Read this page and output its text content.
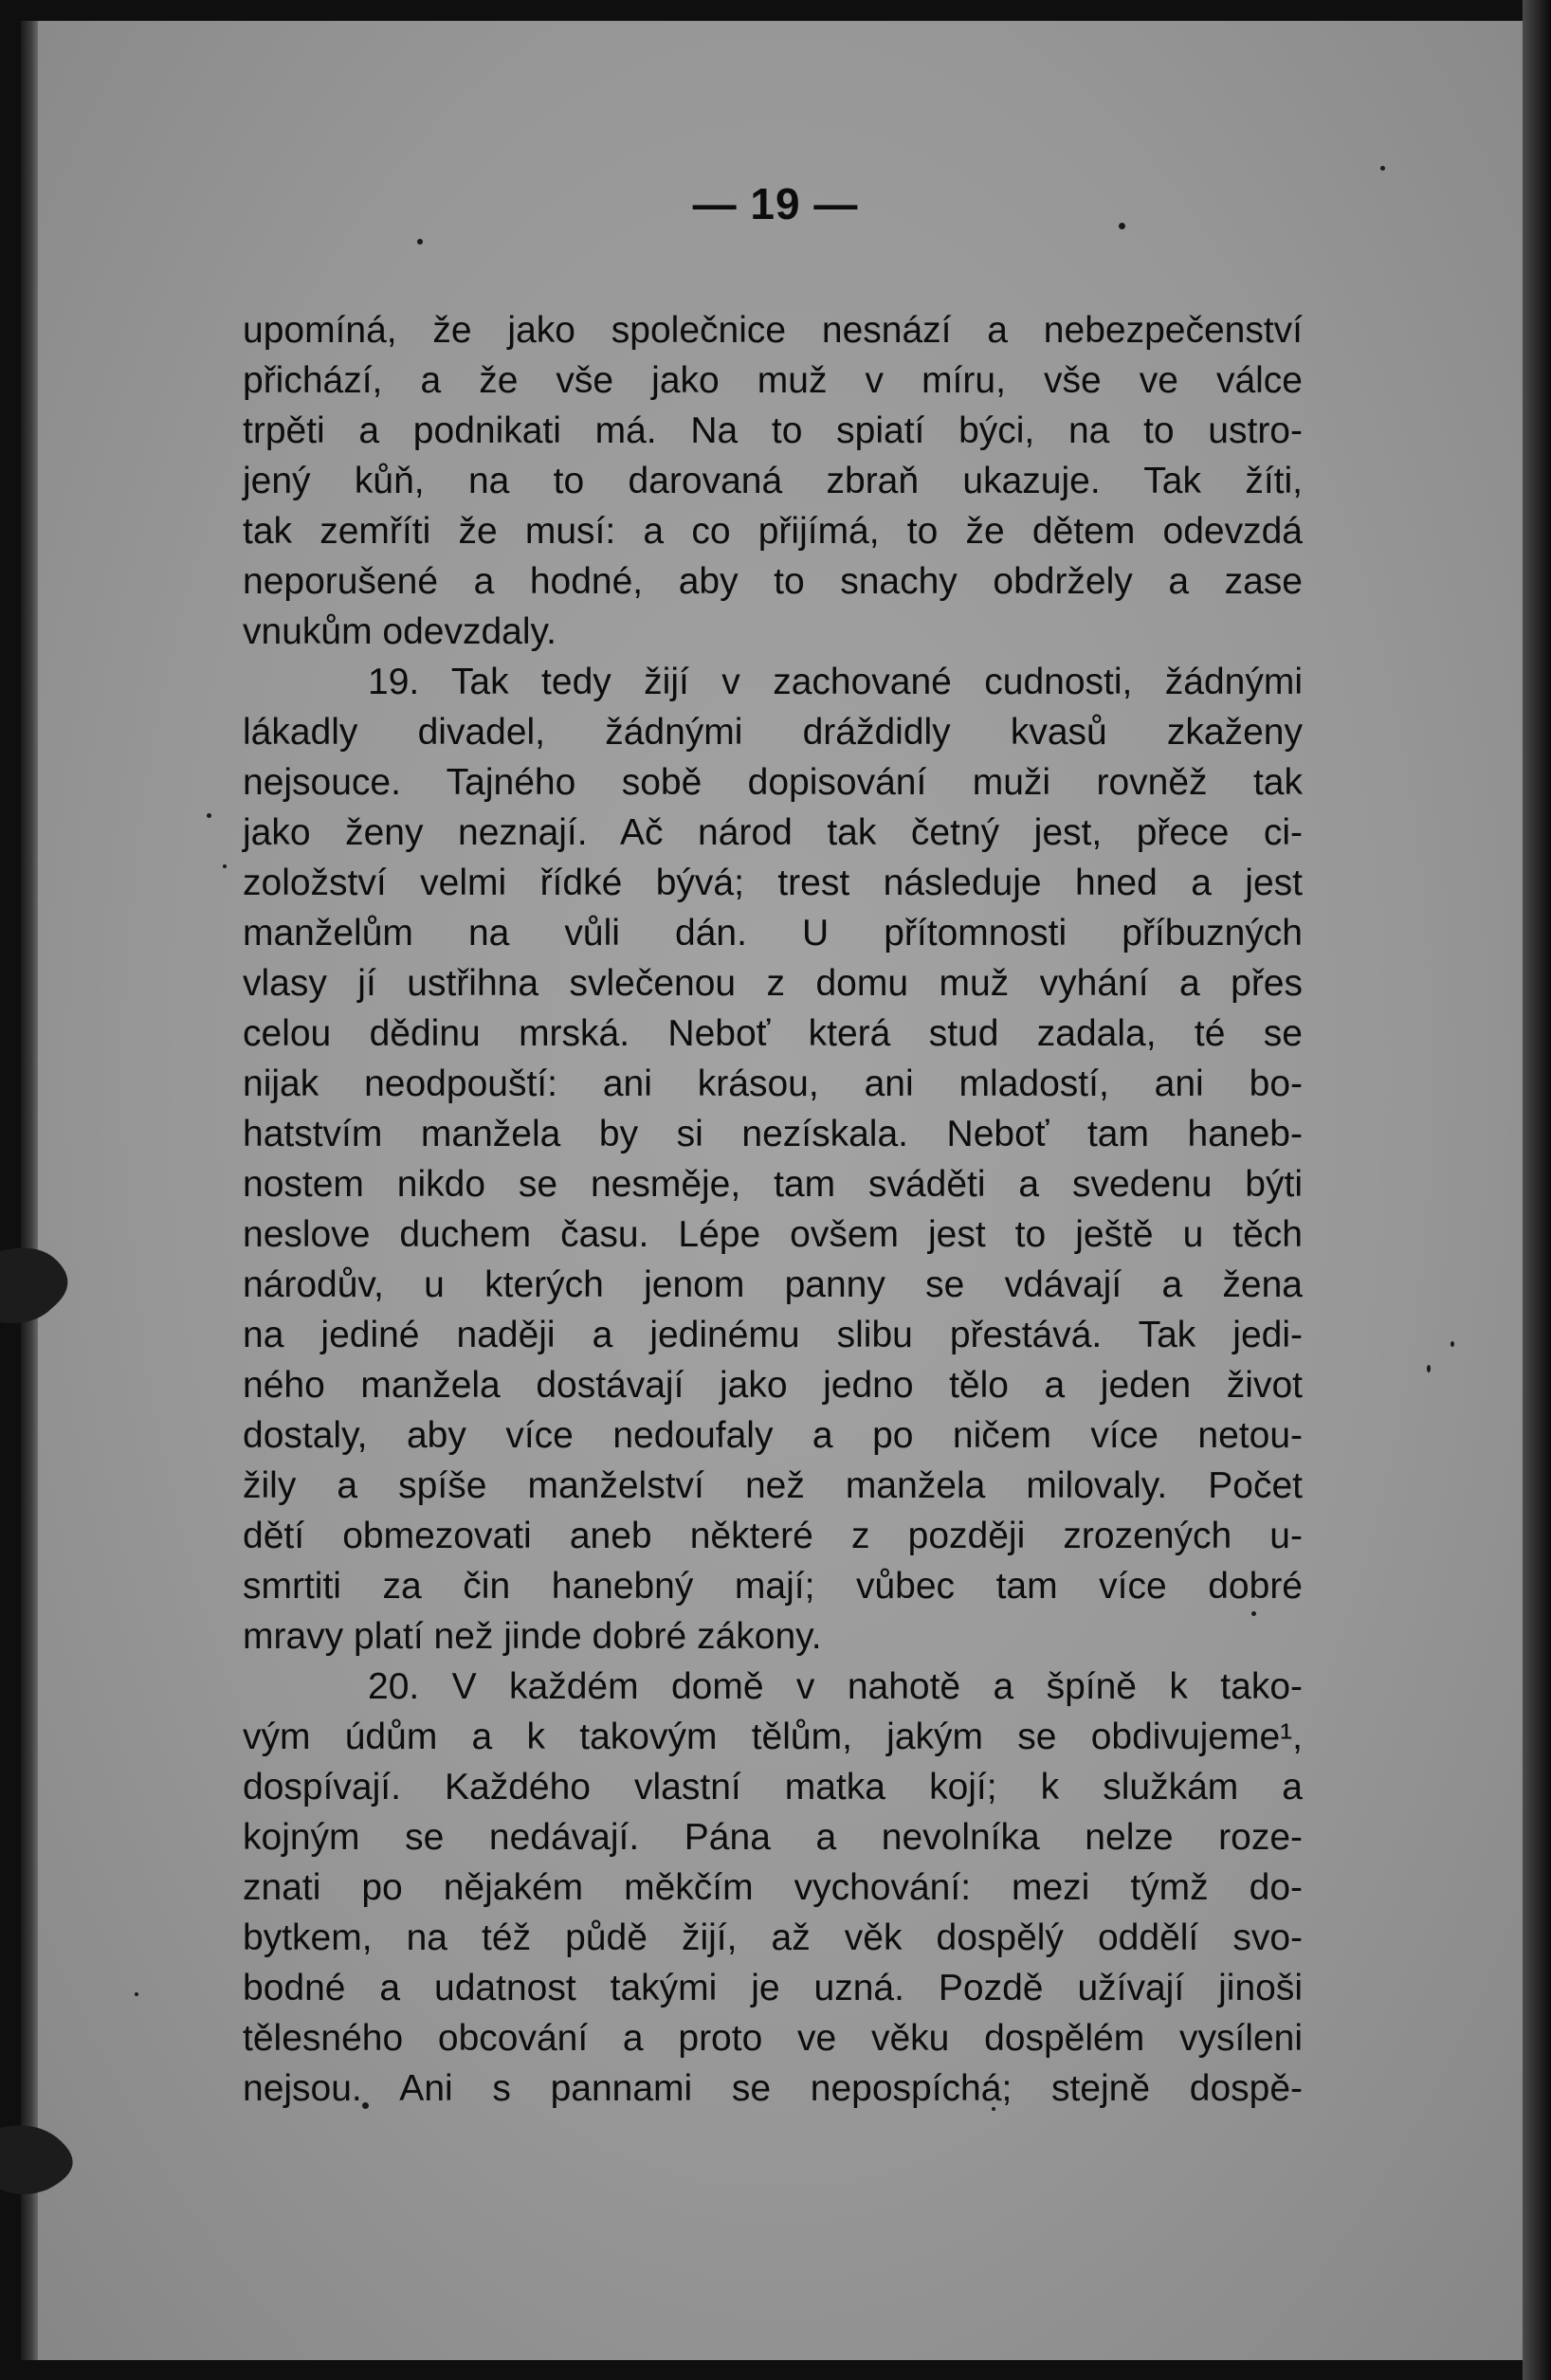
— 19 —
upomíná, že jako společnice nesnází a nebezpečenství
přichází, a že vše jako muž v míru, vše ve válce
trpěti a podnikati má. Na to spiatí býci, na to ustro-
jený kůň, na to darovaná zbraň ukazuje. Tak žíti,
tak zemříti že musí: a co přijímá, to že dětem odevzdá
neporušené a hodné, aby to snachy obdržely a zase
vnukům odevzdaly.
19. Tak tedy žijí v zachované cudnosti, žádnými
lákadly divadel, žádnými dráždidly kvasů zkaženy
nejsouce. Tajného sobě dopisování muži rovněž tak
jako ženy neznají. Ač národ tak četný jest, přece ci-
zoložství velmi řídké bývá; trest následuje hned a jest
manželům na vůli dán. U přítomnosti příbuzných
vlasy jí ustřihna svlečenou z domu muž vyhání a přes
celou dědinu mrská. Neboť která stud zadala, té se
nijak neodpouští: ani krásou, ani mladostí, ani bo-
hatstvím manžela by si nezískala. Neboť tam haneb-
nostem nikdo se nesměje, tam sváděti a svedenu býti
neslove duchem času. Lépe ovšem jest to ještě u těch
národův, u kterých jenom panny se vdávají a žena
na jediné naději a jedinému slibu přestává. Tak jedi-
ného manžela dostávají jako jedno tělo a jeden život
dostaly, aby více nedoufaly a po ničem více netou-
žily a spíše manželství než manžela milovaly. Počet
dětí obmezovati aneb některé z později zrozených u-
smrtiti za čin hanebný mají; vůbec tam více dobré
mravy platí než jinde dobré zákony.
20. V každém domě v nahotě a špíně k tako-
vým údům a k takovým tělům, jakým se obdivujeme¹,
dospívají. Každého vlastní matka kojí; k služkám a
kojným se nedávají. Pána a nevolníka nelze roze-
znati po nějakém měkčím vychování: mezi týmž do-
bytkem, na též půdě žijí, až věk dospělý oddělí svo-
bodné a udatnost takými je uzná. Pozdě užívají jinoši
tělesného obcování a proto ve věku dospělém vysíleni
nejsou. Ani s pannami se nepospíchá; stejně dospě-
